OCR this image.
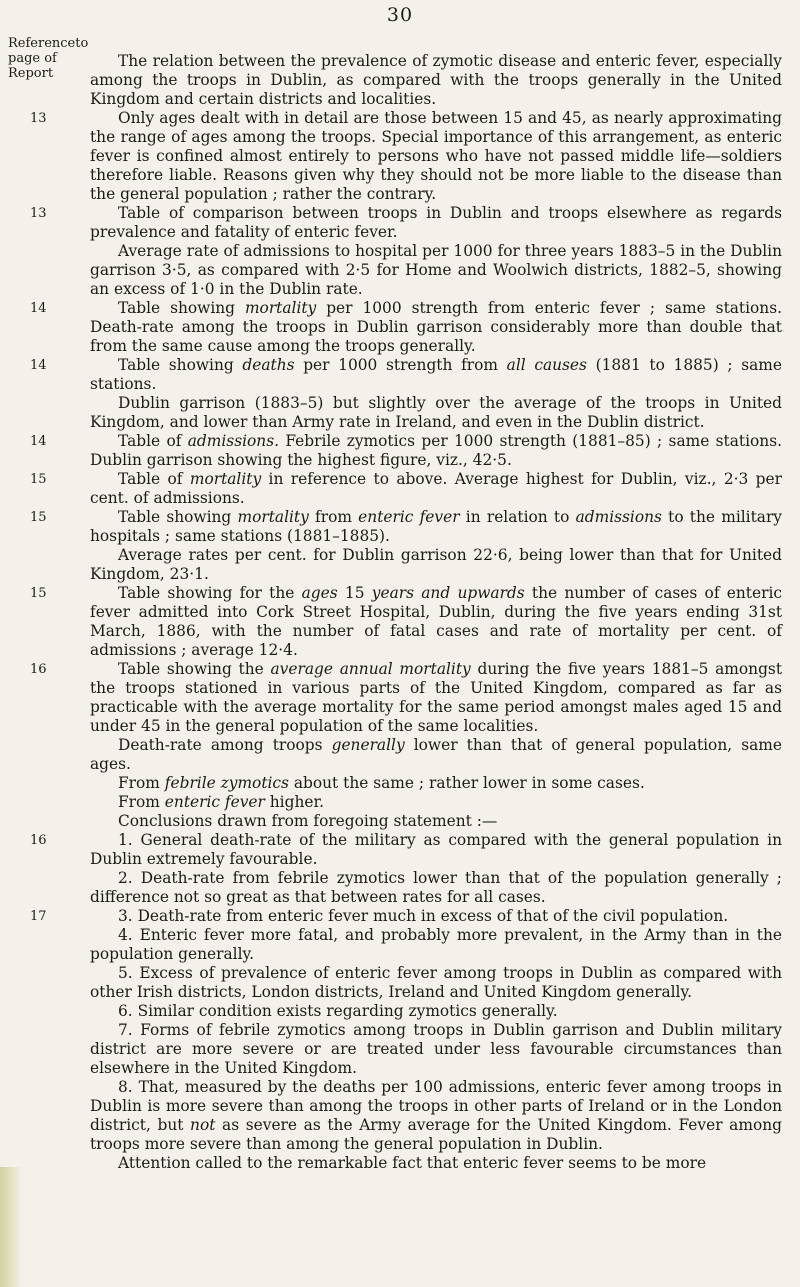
30
Referenceto
page of
Report

The relation between the prevalence of zymotic disease and enteric fever, especially among the troops in Dublin, as compared with the troops generally in the United Kingdom and certain districts and localities.

13	Only ages dealt with in detail are those between 15 and 45, as nearly approximating the range of ages among the troops. Special importance of this arrangement, as enteric fever is confined almost entirely to persons who have not passed middle life—soldiers therefore liable. Reasons given why they should not be more liable to the disease than the general population ; rather the contrary.

13	Table of comparison between troops in Dublin and troops elsewhere as regards prevalence and fatality of enteric fever.

Average rate of admissions to hospital per 1000 for three years 1883–5 in the Dublin garrison 3·5, as compared with 2·5 for Home and Woolwich districts, 1882–5, showing an excess of 1·0 in the Dublin rate.

14	Table showing mortality per 1000 strength from enteric fever ; same stations. Death-rate among the troops in Dublin garrison considerably more than double that from the same cause among the troops generally.

14	Table showing deaths per 1000 strength from all causes (1881 to 1885) ; same stations.

Dublin garrison (1883–5) but slightly over the average of the troops in United Kingdom, and lower than Army rate in Ireland, and even in the Dublin district.

14	Table of admissions. Febrile zymotics per 1000 strength (1881–85) ; same stations. Dublin garrison showing the highest figure, viz., 42·5.

15	Table of mortality in reference to above. Average highest for Dublin, viz., 2·3 per cent. of admissions.

15	Table showing mortality from enteric fever in relation to admissions to the military hospitals ; same stations (1881–1885).

Average rates per cent. for Dublin garrison 22·6, being lower than that for United Kingdom, 23·1.

15	Table showing for the ages 15 years and upwards the number of cases of enteric fever admitted into Cork Street Hospital, Dublin, during the five years ending 31st March, 1886, with the number of fatal cases and rate of mortality per cent. of admissions ; average 12·4.

16	Table showing the average annual mortality during the five years 1881–5 amongst the troops stationed in various parts of the United Kingdom, compared as far as practicable with the average mortality for the same period amongst males aged 15 and under 45 in the general population of the same localities.

Death-rate among troops generally lower than that of general population, same ages.

From febrile zymotics about the same ; rather lower in some cases.

From enteric fever higher.

Conclusions drawn from foregoing statement :—

16	1. General death-rate of the military as compared with the general population in Dublin extremely favourable.

2. Death-rate from febrile zymotics lower than that of the population generally ; difference not so great as that between rates for all cases.

17	3. Death-rate from enteric fever much in excess of that of the civil population.

4. Enteric fever more fatal, and probably more prevalent, in the Army than in the population generally.

5. Excess of prevalence of enteric fever among troops in Dublin as compared with other Irish districts, London districts, Ireland and United Kingdom generally.

6. Similar condition exists regarding zymotics generally.

7. Forms of febrile zymotics among troops in Dublin garrison and Dublin military district are more severe or are treated under less favourable circumstances than elsewhere in the United Kingdom.

8. That, measured by the deaths per 100 admissions, enteric fever among troops in Dublin is more severe than among the troops in other parts of Ireland or in the London district, but not as severe as the Army average for the United Kingdom. Fever among troops more severe than among the general population in Dublin.

Attention called to the remarkable fact that enteric fever seems to be more
